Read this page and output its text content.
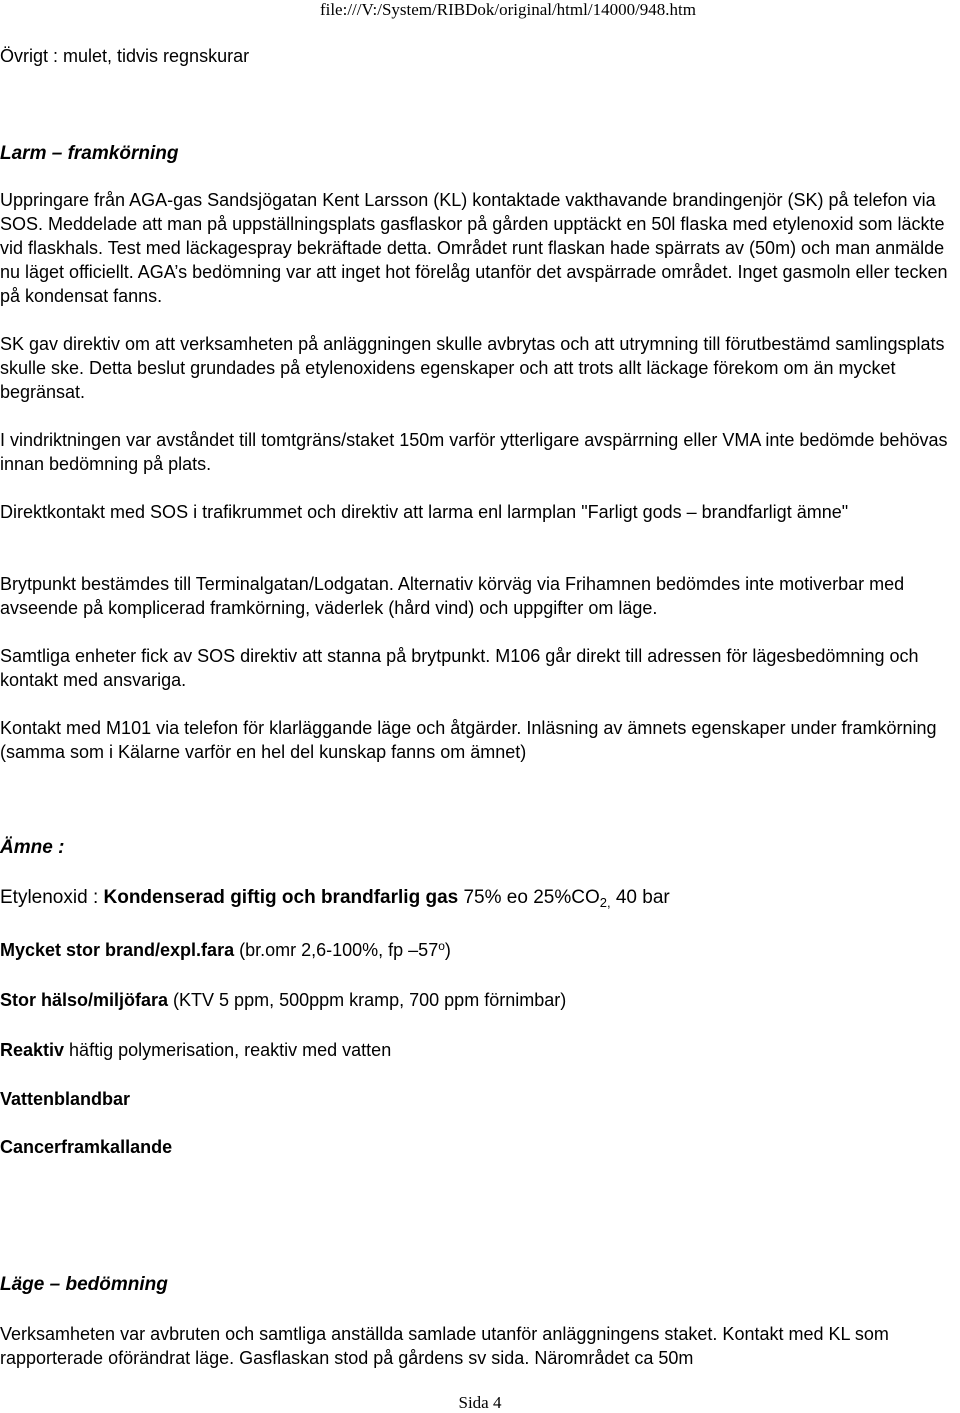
file:///V:/System/RIBDok/original/html/14000/948.htm

Övrigt : mulet, tidvis regnskurar

Larm – framkörning

Uppringare från AGA-gas Sandsjögatan Kent Larsson (KL) kontaktade vakthavande brandingenjör (SK) på telefon via SOS. Meddelade att man på uppställningsplats gasflaskor på gården upptäckt en 50l flaska med etylenoxid som läckte vid flaskhals. Test med läckagespray bekräftade detta. Området runt flaskan hade spärrats av (50m) och man anmälde nu läget officiellt. AGA’s bedömning var att inget hot förelåg utanför det avspärrade området. Inget gasmoln eller tecken på kondensat fanns.

SK gav direktiv om att verksamheten på anläggningen skulle avbrytas och att utrymning till förutbestämd samlingsplats skulle ske. Detta beslut grundades på etylenoxidens egenskaper och att trots allt läckage förekom om än mycket begränsat.

I vindriktningen var avståndet till tomtgräns/staket 150m varför ytterligare avspärrning eller VMA inte bedömde behövas innan bedömning på plats.

Direktkontakt med SOS i trafikrummet och direktiv att larma enl larmplan "Farligt gods – brandfarligt ämne"

Brytpunkt bestämdes till Terminalgatan/Lodgatan. Alternativ körväg via Frihamnen bedömdes inte motiverbar med avseende på komplicerad framkörning, väderlek (hård vind) och uppgifter om läge.

Samtliga enheter fick av SOS direktiv att stanna på brytpunkt. M106 går direkt till adressen för lägesbedömning och kontakt med ansvariga.

Kontakt med M101 via telefon för klarläggande läge och åtgärder. Inläsning av ämnets egenskaper under framkörning (samma som i Kälarne varför en hel del kunskap fanns om ämnet)

Ämne :

Etylenoxid : Kondenserad giftig och brandfarlig gas 75% eo $25\%CO_{2,}$ 40 bar

Mycket stor brand/expl.fara (br.omr 2,6-100%, fp –57$^o$)

Stor hälso/miljöfara (KTV 5 ppm, 500ppm kramp, 700 ppm förnimbar)

Reaktiv häftig polymerisation, reaktiv med vatten

Vattenblandbar

Cancerframkallande

Läge – bedömning

Verksamheten var avbruten och samtliga anställda samlade utanför anläggningens staket. Kontakt med KL som rapporterade oförändrat läge. Gasflaskan stod på gårdens sv sida. Närområdet ca 50m

Sida 4
